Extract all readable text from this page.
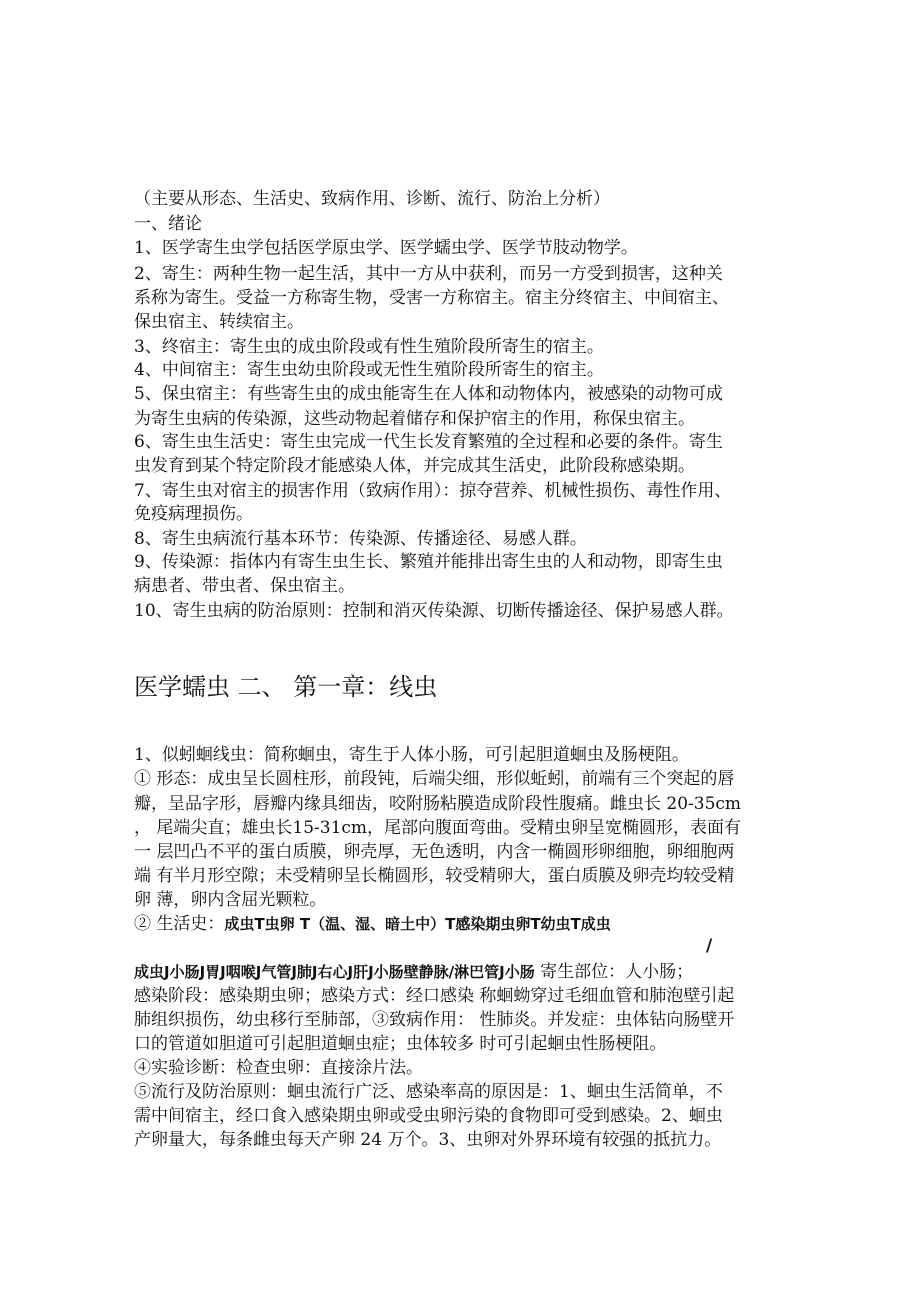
（主要从形态、生活史、致病作用、诊断、流行、防治上分析）
一、绪论
1、医学寄生虫学包括医学原虫学、医学蠕虫学、医学节肢动物学。
2、寄生：两种生物一起生活，其中一方从中获利，而另一方受到损害，这种关
系称为寄生。受益一方称寄生物，受害一方称宿主。宿主分终宿主、中间宿主、
保虫宿主、转续宿主。
3、终宿主：寄生虫的成虫阶段或有性生殖阶段所寄生的宿主。
4、中间宿主：寄生虫幼虫阶段或无性生殖阶段所寄生的宿主。
5、保虫宿主：有些寄生虫的成虫能寄生在人体和动物体内，被感染的动物可成
为寄生虫病的传染源，这些动物起着储存和保护宿主的作用，称保虫宿主。
6、寄生虫生活史：寄生虫完成一代生长发育繁殖的全过程和必要的条件。寄生
虫发育到某个特定阶段才能感染人体，并完成其生活史，此阶段称感染期。
7、寄生虫对宿主的损害作用（致病作用）：掠夺营养、机械性损伤、毒性作用、
免疫病理损伤。
8、寄生虫病流行基本环节：传染源、传播途径、易感人群。
9、传染源：指体内有寄生虫生长、繁殖并能排出寄生虫的人和动物，即寄生虫
病患者、带虫者、保虫宿主。
10、寄生虫病的防治原则：控制和消灭传染源、切断传播途径、保护易感人群。
医学蠕虫 二、 第一章：线虫
1、似蚓蛔线虫：简称蛔虫，寄生于人体小肠，可引起胆道蛔虫及肠梗阻。
① 形态：成虫呈长圆柱形，前段钝，后端尖细，形似蚯蚓，前端有三个突起的唇
瓣，呈品字形，唇瓣内缘具细齿，咬附肠粘膜造成阶段性腹痛。雌虫长 20-35cm
， 尾端尖直；雄虫长15-31cm，尾部向腹面弯曲。受精虫卵呈宽椭圆形，表面有
一 层凹凸不平的蛋白质膜，卵壳厚，无色透明，内含一椭圆形卵细胞，卵细胞两
端 有半月形空隙；未受精卵呈长椭圆形，较受精卵大，蛋白质膜及卵壳均较受精
卵 薄，卵内含屈光颗粒。
② 生活史：成虫T虫卵 T（温、湿、暗土中）T感染期虫卵T幼虫T成虫
/
成虫J小肠J胃J咽喉J气管J肺J右心J肝J小肠壁静脉/淋巴管J小肠 寄生部位：人小肠；
感染阶段：感染期虫卵；感染方式：经口感染 称蛔蚴穿过毛细血管和肺泡壁引起
肺组织损伤，幼虫移行至肺部，③致病作用： 性肺炎。并发症：虫体钻向肠壁开
口的管道如胆道可引起胆道蛔虫症；虫体较多 时可引起蛔虫性肠梗阻。
④实验诊断：检查虫卵：直接涂片法。
⑤流行及防治原则：蛔虫流行广泛、感染率高的原因是：1、蛔虫生活简单，不
需中间宿主，经口食入感染期虫卵或受虫卵污染的食物即可受到感染。2、蛔虫
产卵量大，每条雌虫每天产卵 24 万个。3、虫卵对外界环境有较强的抵抗力。
